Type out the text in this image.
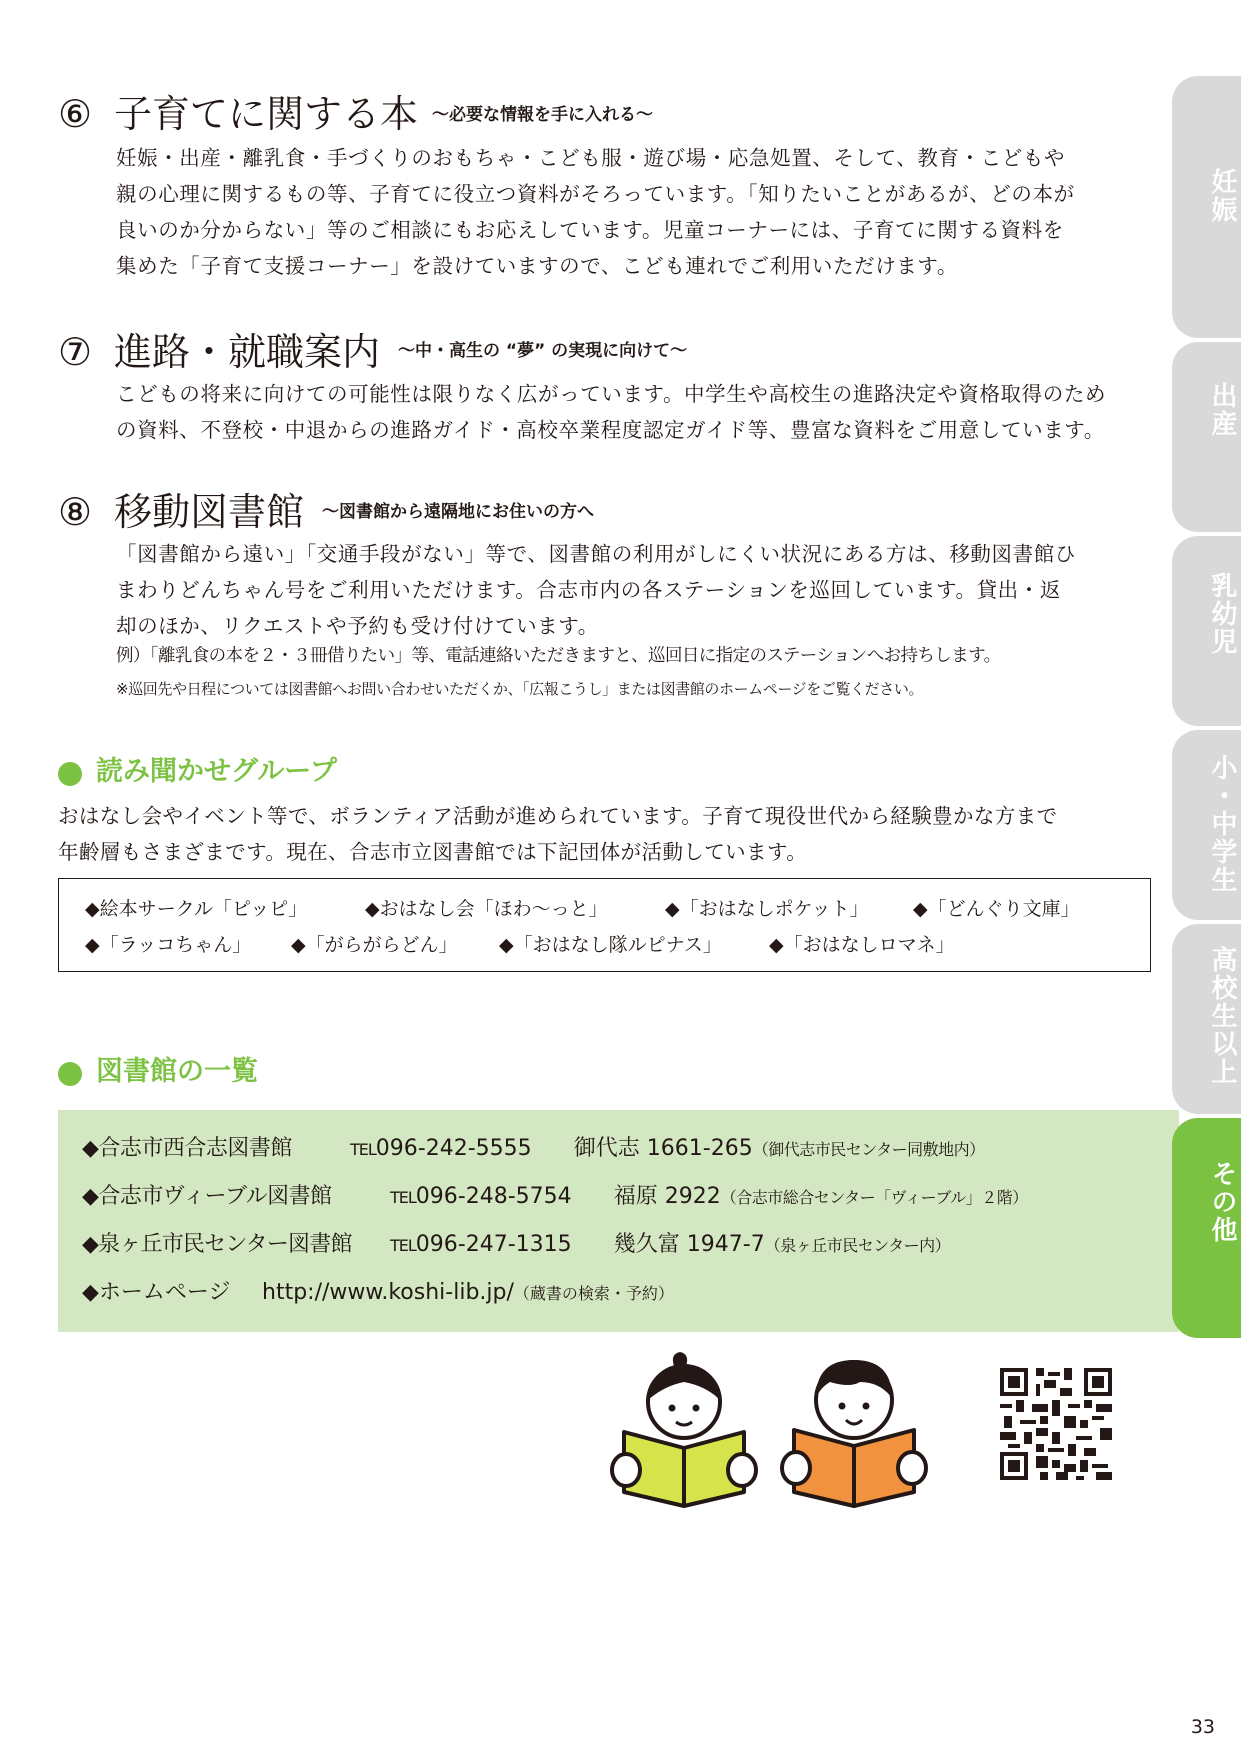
⑥ 子育てに関する本 ～必要な情報を手に入れる～
妊娠・出産・離乳食・手づくりのおもちゃ・こども服・遊び場・応急処置、そして、教育・こどもや
親の心理に関するもの等、子育てに役立つ資料がそろっています。「知りたいことがあるが、どの本が
良いのか分からない」等のご相談にもお応えしています。児童コーナーには、子育てに関する資料を
集めた「子育て支援コーナー」を設けていますので、こども連れでご利用いただけます。
⑦ 進路・就職案内 ～中・高生の “夢” の実現に向けて～
こどもの将来に向けての可能性は限りなく広がっています。中学生や高校生の進路決定や資格取得のため
の資料、不登校・中退からの進路ガイド・高校卒業程度認定ガイド等、豊富な資料をご用意しています。
⑧ 移動図書館 ～図書館から遠隔地にお住いの方へ
「図書館から遠い」「交通手段がない」等で、図書館の利用がしにくい状況にある方は、移動図書館ひ
まわりどんちゃん号をご利用いただけます。合志市内の各ステーションを巡回しています。貸出・返
却のほか、リクエストや予約も受け付けています。
例）「離乳食の本を２・３冊借りたい」等、電話連絡いただきますと、巡回日に指定のステーションへお持ちします。
※巡回先や日程については図書館へお問い合わせいただくか、「広報こうし」または図書館のホームページをご覧ください。
読み聞かせグループ
おはなし会やイベント等で、ボランティア活動が進められています。子育て現役世代から経験豊かな方まで
年齢層もさまざまです。現在、合志市立図書館では下記団体が活動しています。
◆絵本サークル「ピッピ」	◆おはなし会「ほわ～っと」	◆「おはなしポケット」 ◆「どんぐり文庫」
◆「ラッコちゃん」 ◆「がらがらどん」 ◆「おはなし隊ルピナス」 ◆「おはなしロマネ」
図書館の一覧
◆合志市西合志図書館	TEL096-242-5555 御代志 1661-265（御代志市民センター同敷地内）
◆合志市ヴィーブル図書館	TEL096-248-5754 福原 2922（合志市総合センター「ヴィーブル」２階）
◆泉ヶ丘市民センター図書館 TEL096-247-1315 幾久富 1947-7（泉ヶ丘市民センター内）
◆ホームページ http://www.koshi-lib.jp/（蔵書の検索・予約）
妊娠
出産
乳幼児
小・中学生
高校生以上
その他
33
